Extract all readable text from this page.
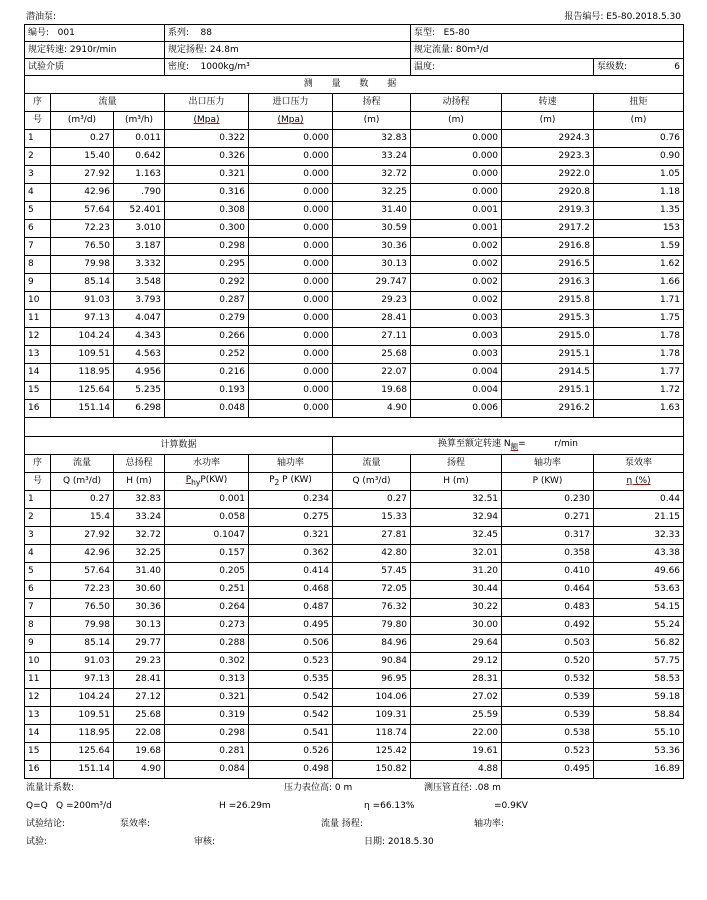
潜油泵:	报告编号: E5-80.2018.5.30
编号: 001			系列: 88			泵型: E5-80		
规定转速: 2910r/min			规定扬程: 24.8m			规定流量: 80m³/d		
试验介质			密度: 1000kg/m³			温度:		泵级数: 6

测 量 数 据								
序	流量		出口压力	进口压力	扬程	动扬程	转速	扭矩
号	(m³/d)	(m³/h)	(Mpa)	(Mpa)	(m)	(m)	(m)	(m)
1	0.27	0.011	0.322	0.000	32.83	0.000	2924.3	0.76
2	15.40	0.642	0.326	0.000	33.24	0.000	2923.3	0.90
3	27.92	1.163	0.321	0.000	32.72	0.000	2922.0	1.05
4	42.96	.790	0.316	0.000	32.25	0.000	2920.8	1.18
5	57.64	52.401	0.308	0.000	31.40	0.001	2919.3	1.35
6	72.23	3.010	0.300	0.000	30.59	0.001	2917.2	153
7	76.50	3.187	0.298	0.000	30.36	0.002	2916.8	1.59
8	79.98	3.332	0.295	0.000	30.13	0.002	2916.5	1.62
9	85.14	3.548	0.292	0.000	29.747	0.002	2916.3	1.66
10	91.03	3.793	0.287	0.000	29.23	0.002	2915.8	1.71
11	97.13	4.047	0.279	0.000	28.41	0.003	2915.3	1.75
12	104.24	4.343	0.266	0.000	27.11	0.003	2915.0	1.78
13	109.51	4.563	0.252	0.000	25.68	0.003	2915.1	1.78
14	118.95	4.956	0.216	0.000	22.07	0.004	2914.5	1.77
15	125.64	5.235	0.193	0.000	19.68	0.004	2915.1	1.72
16	151.14	6.298	0.048	0.000	4.90	0.006	2916.2	1.63

计算数据					换算至额定转速 $N_额= r/\min$			
序	流量	总扬程	水功率	轴功率	流量	扬程	轴功率	泵效率
号	Q (m³/d)	H (m)	$P_{hy}P(KW)$	$P_2$ P (KW)	Q (m³/d)	H (m)	P (KW)	η (%)
1	0.27	32.83	0.001	0.234	0.27	32.51	0.230	0.44
2	15.4	33.24	0.058	0.275	15.33	32.94	0.271	21.15
3	27.92	32.72	0.1047	0.321	27.81	32.45	0.317	32.33
4	42.96	32.25	0.157	0.362	42.80	32.01	0.358	43.38
5	57.64	31.40	0.205	0.414	57.45	31.20	0.410	49.66
6	72.23	30.60	0.251	0.468	72.05	30.44	0.464	53.63
7	76.50	30.36	0.264	0.487	76.32	30.22	0.483	54.15
8	79.98	30.13	0.273	0.495	79.80	30.00	0.492	55.24
9	85.14	29.77	0.288	0.506	84.96	29.64	0.503	56.82
10	91.03	29.23	0.302	0.523	90.84	29.12	0.520	57.75
11	97.13	28.41	0.313	0.535	96.95	28.31	0.532	58.53
12	104.24	27.12	0.321	0.542	104.06	27.02	0.539	59.18
13	109.51	25.68	0.319	0.542	109.31	25.59	0.539	58.84
14	118.95	22.08	0.298	0.541	118.74	22.00	0.538	55.10
15	125.64	19.68	0.281	0.526	125.42	19.61	0.523	53.36
16	151.14	4.90	0.084	0.498	150.82	4.88	0.495	16.89
流量计系数:	压力表位高: 0 m	测压管直径: .08 m
Q=Q Q =200m³/d	H =26.29m	η =66.13%	=0.9KV
试验结论:	泵效率:	流量 扬程:	轴功率:
试验:	审核:	日期: 2018.5.30
